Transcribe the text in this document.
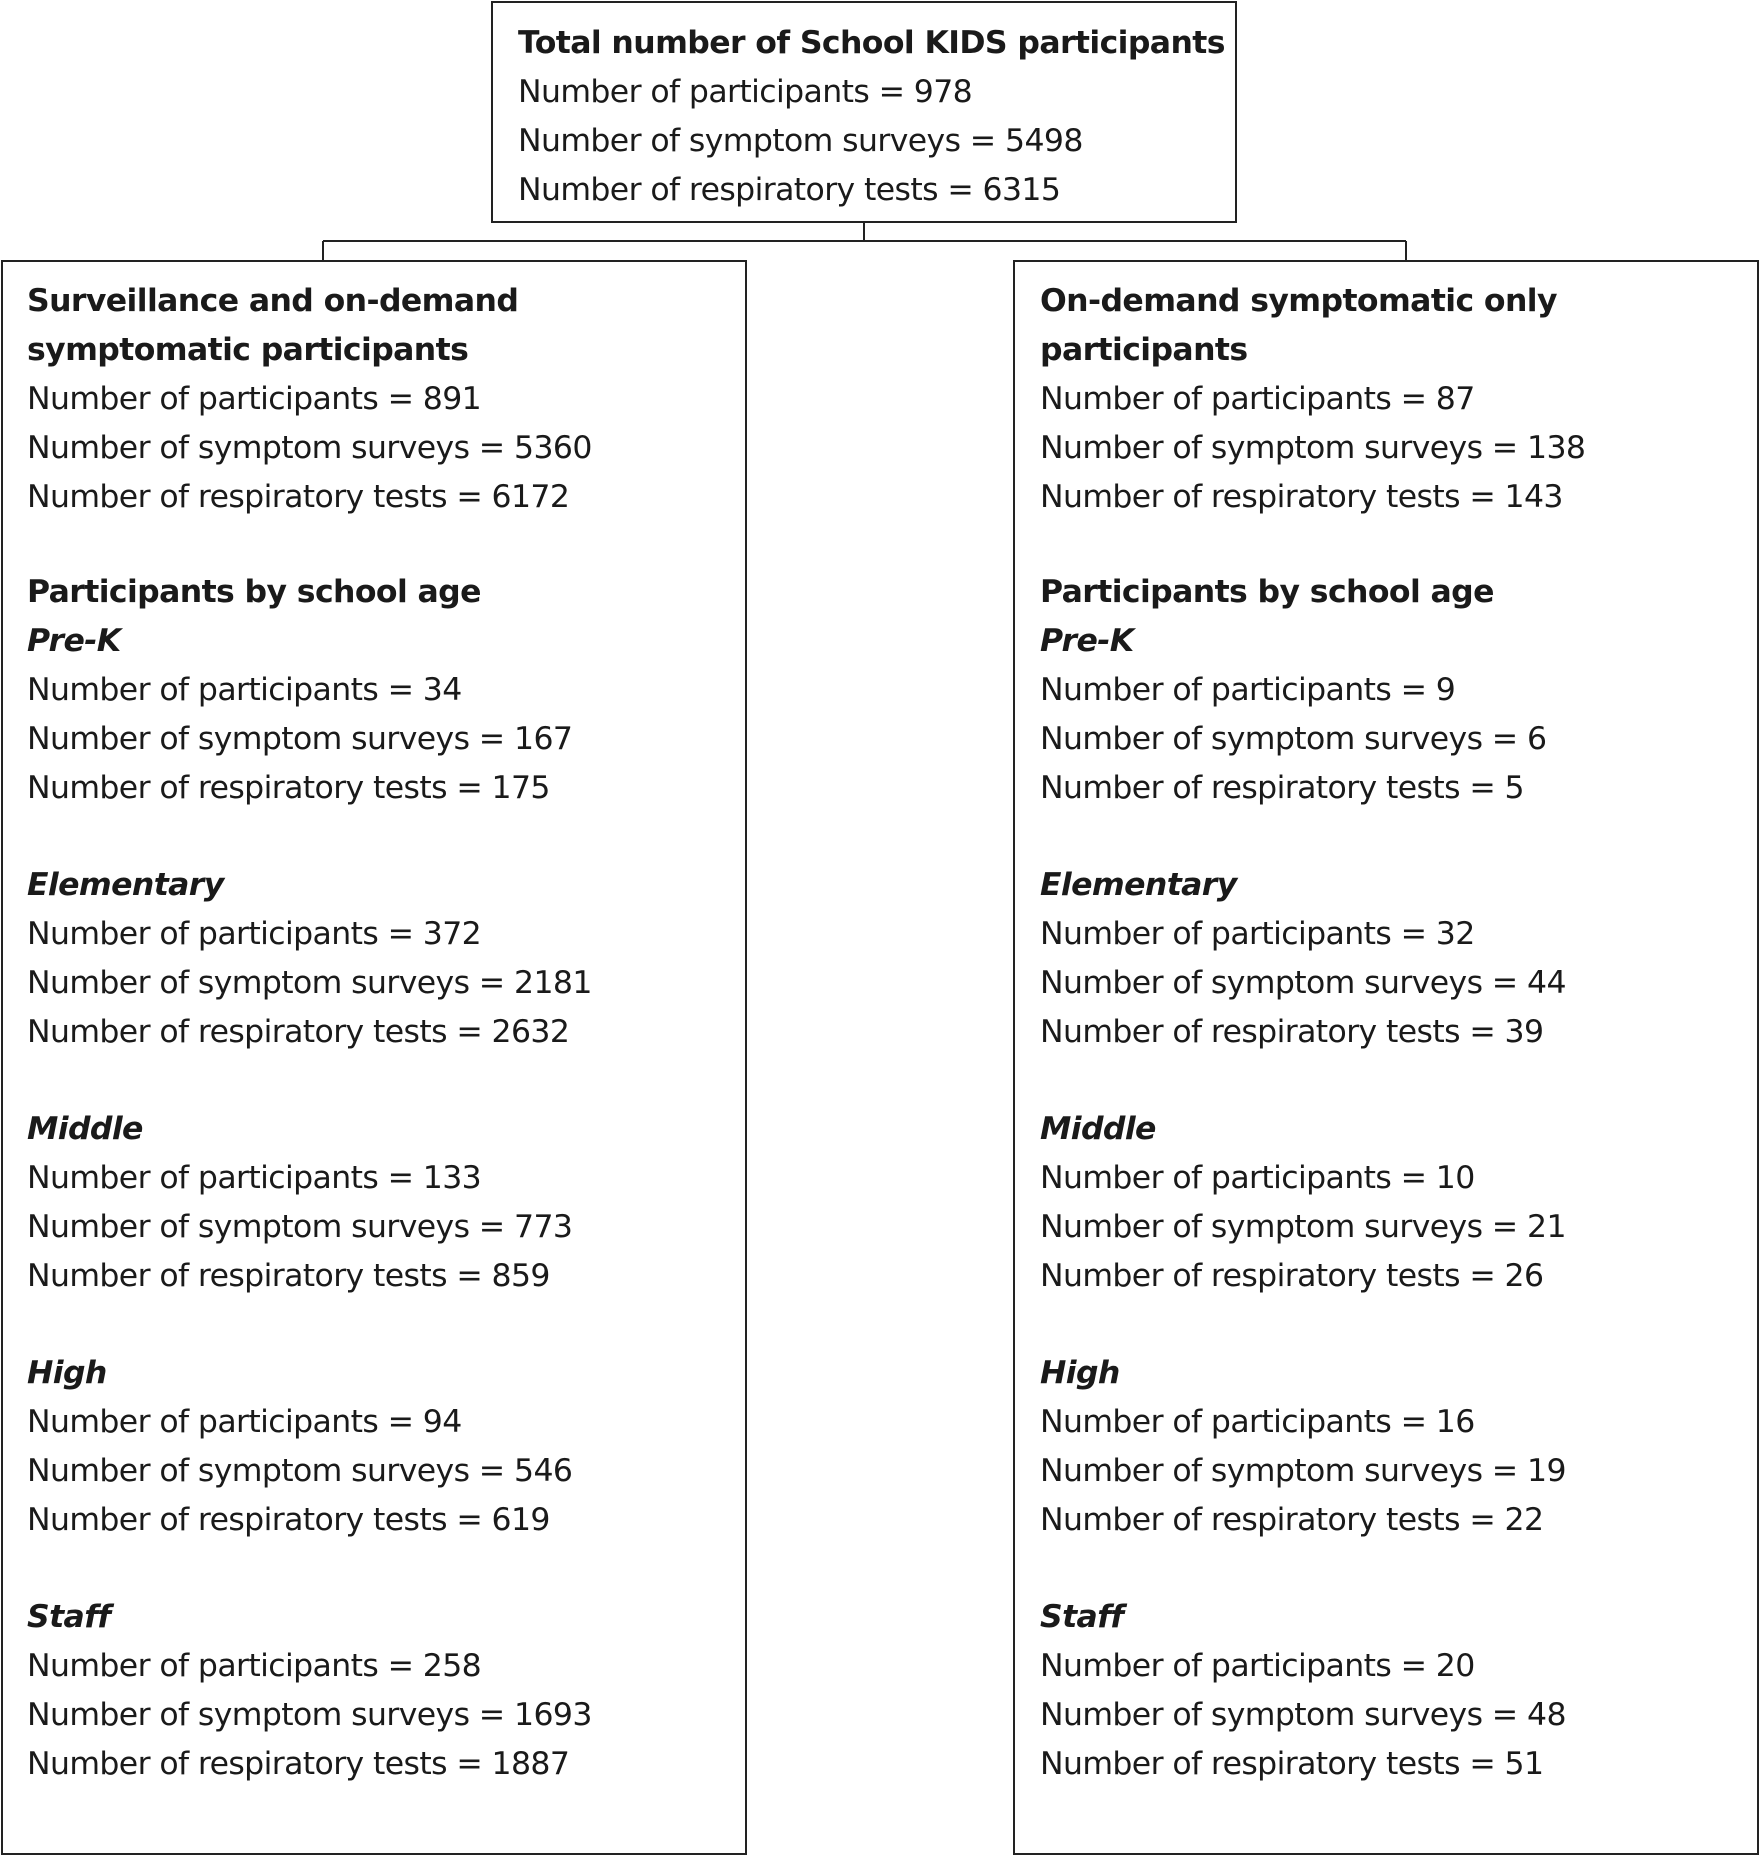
Total number of School KIDS participants
Number of participants = 978
Number of symptom surveys = 5498
Number of respiratory tests = 6315
Surveillance and on-demand
symptomatic participants
Number of participants = 891
Number of symptom surveys = 5360
Number of respiratory tests = 6172
Participants by school age
Pre-K
Number of participants = 34
Number of symptom surveys = 167
Number of respiratory tests = 175
Elementary
Number of participants = 372
Number of symptom surveys = 2181
Number of respiratory tests = 2632
Middle
Number of participants = 133
Number of symptom surveys = 773
Number of respiratory tests = 859
High
Number of participants = 94
Number of symptom surveys = 546
Number of respiratory tests = 619
Staff
Number of participants = 258
Number of symptom surveys = 1693
Number of respiratory tests = 1887
On-demand symptomatic only
participants
Number of participants = 87
Number of symptom surveys = 138
Number of respiratory tests = 143
Participants by school age
Pre-K
Number of participants = 9
Number of symptom surveys = 6
Number of respiratory tests = 5
Elementary
Number of participants = 32
Number of symptom surveys = 44
Number of respiratory tests = 39
Middle
Number of participants = 10
Number of symptom surveys = 21
Number of respiratory tests = 26
High
Number of participants = 16
Number of symptom surveys = 19
Number of respiratory tests = 22
Staff
Number of participants = 20
Number of symptom surveys = 48
Number of respiratory tests = 51
